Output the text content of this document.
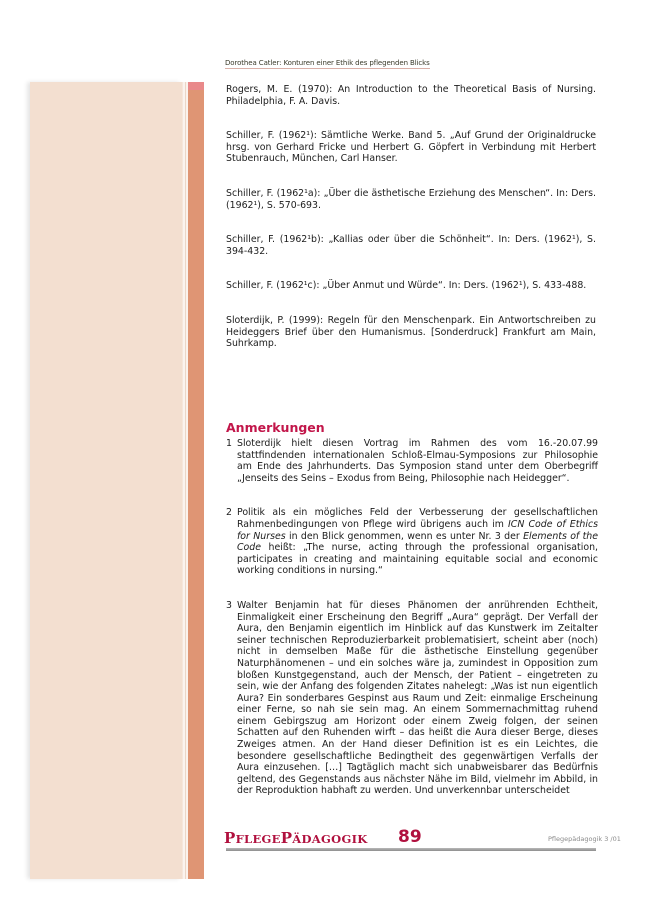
Dorothea Catler: Konturen einer Ethik des pflegenden Blicks

Rogers, M. E. (1970): An Introduction to the Theoretical Basis of Nursing. Philadelphia, F. A. Davis.

Schiller, F. (1962¹): Sämtliche Werke. Band 5. „Auf Grund der Originaldrucke hrsg. von Gerhard Fricke und Herbert G. Göpfert in Verbindung mit Herbert Stubenrauch, München, Carl Hanser.

Schiller, F. (1962¹a): „Über die ästhetische Erziehung des Menschen“. In: Ders. (1962¹), S. 570-693.

Schiller, F. (1962¹b): „Kallias oder über die Schönheit“. In: Ders. (1962¹), S. 394-432.

Schiller, F. (1962¹c): „Über Anmut und Würde“. In: Ders. (1962¹), S. 433-488.

Sloterdijk, P. (1999): Regeln für den Menschenpark. Ein Antwortschreiben zu Heideggers Brief über den Humanismus. [Sonderdruck] Frankfurt am Main, Suhrkamp.

Anmerkungen
1 Sloterdijk hielt diesen Vortrag im Rahmen des vom 16.-20.07.99 stattfindenden internationalen Schloß-Elmau-Symposions zur Philosophie am Ende des Jahrhunderts. Das Symposion stand unter dem Oberbegriff „Jenseits des Seins – Exodus from Being, Philosophie nach Heidegger“.
2 Politik als ein mögliches Feld der Verbesserung der gesellschaftlichen Rahmenbedingungen von Pflege wird übrigens auch im ICN Code of Ethics for Nurses in den Blick genommen, wenn es unter Nr. 3 der Elements of the Code heißt: „The nurse, acting through the professional organisation, participates in creating and maintaining equitable social and economic working conditions in nursing.“
3 Walter Benjamin hat für dieses Phänomen der anrührenden Echtheit, Einmaligkeit einer Erscheinung den Begriff „Aura“ geprägt. Der Verfall der Aura, den Benjamin eigentlich im Hinblick auf das Kunstwerk im Zeitalter seiner technischen Reproduzierbarkeit problematisiert, scheint aber (noch) nicht in demselben Maße für die ästhetische Einstellung gegenüber Naturphänomenen – und ein solches wäre ja, zumindest in Opposition zum bloßen Kunstgegenstand, auch der Mensch, der Patient – eingetreten zu sein, wie der Anfang des folgenden Zitates nahelegt: „Was ist nun eigentlich Aura? Ein sonderbares Gespinst aus Raum und Zeit: einmalige Erscheinung einer Ferne, so nah sie sein mag. An einem Sommernachmittag ruhend einem Gebirgszug am Horizont oder einem Zweig folgen, der seinen Schatten auf den Ruhenden wirft – das heißt die Aura dieser Berge, dieses Zweiges atmen. An der Hand dieser Definition ist es ein Leichtes, die besondere gesellschaftliche Bedingtheit des gegenwärtigen Verfalls der Aura einzusehen. […] Tagtäglich macht sich unabweisbarer das Bedürfnis geltend, des Gegenstands aus nächster Nähe im Bild, vielmehr im Abbild, in der Reproduktion habhaft zu werden. Und unverkennbar unterscheidet
PFLEGEPÄDAGOGIK 89	Pflegepädagogik 3 /01
